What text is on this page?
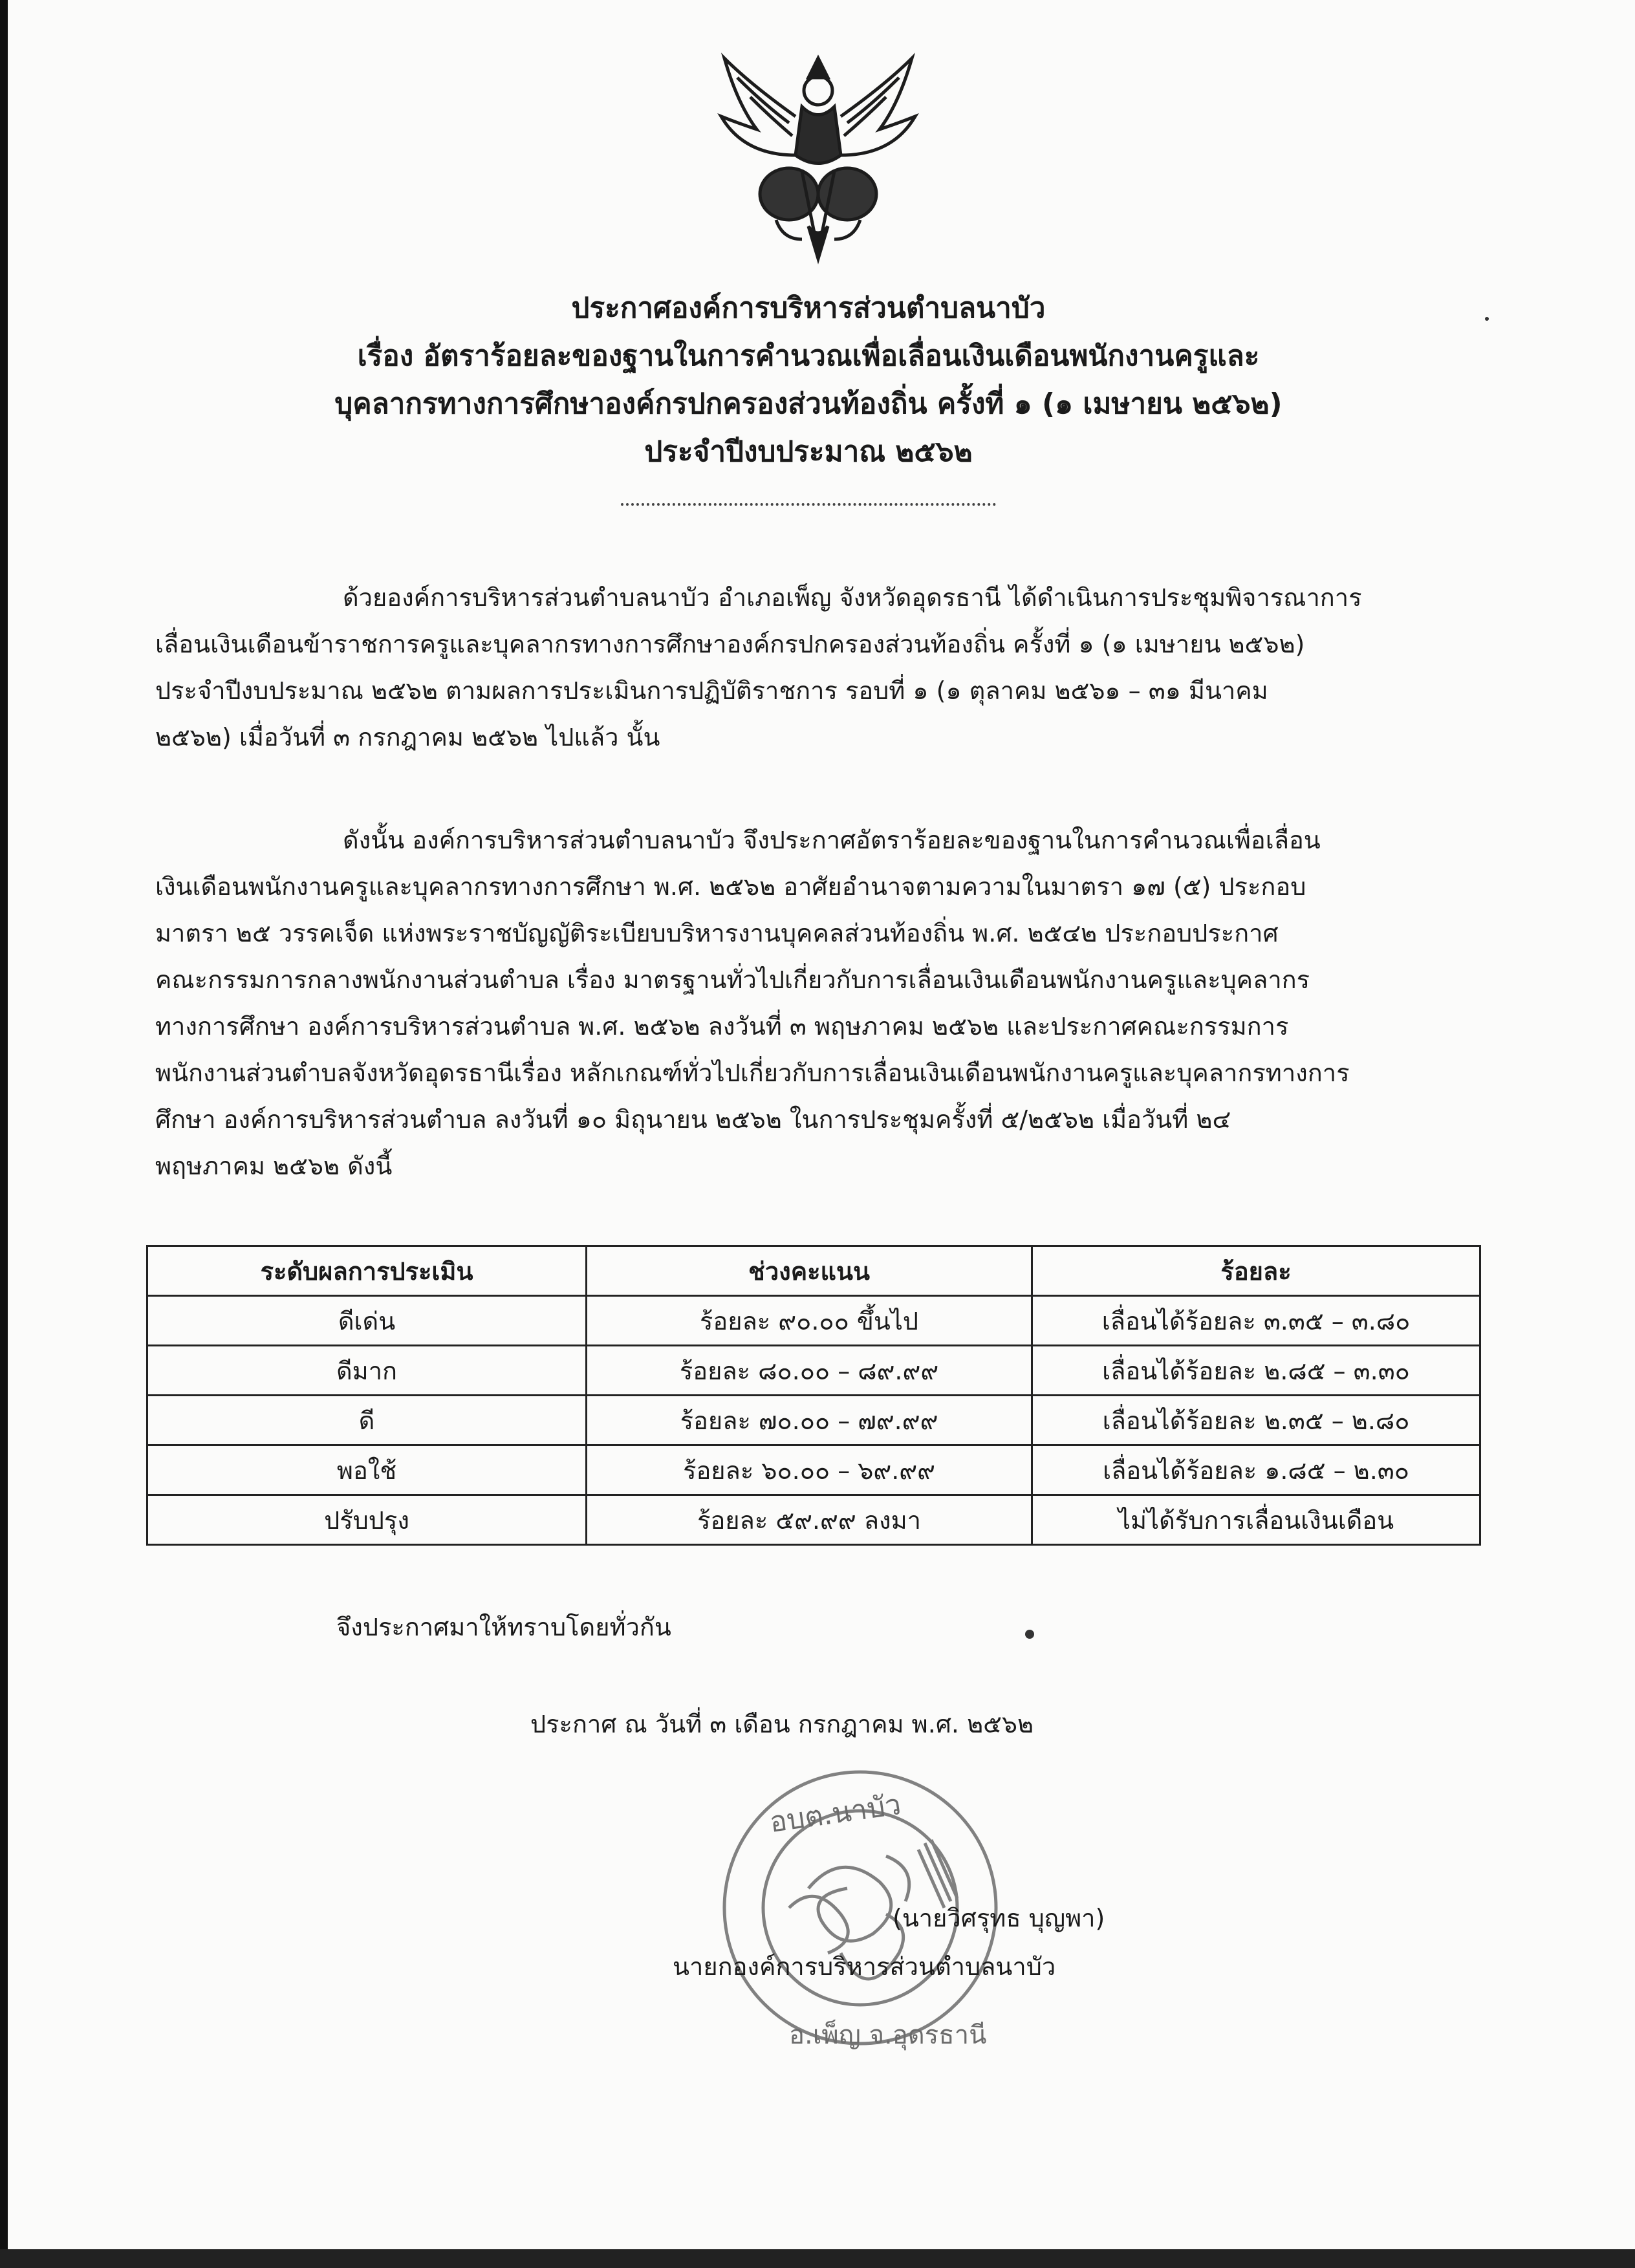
ประกาศองค์การบริหารส่วนตำบลนาบัว
เรื่อง อัตราร้อยละของฐานในการคำนวณเพื่อเลื่อนเงินเดือนพนักงานครูและ
บุคลากรทางการศึกษาองค์กรปกครองส่วนท้องถิ่น ครั้งที่ ๑ (๑ เมษายน ๒๕๖๒)
ประจำปีงบประมาณ ๒๕๖๒
ด้วยองค์การบริหารส่วนตำบลนาบัว อำเภอเพ็ญ จังหวัดอุดรธานี ได้ดำเนินการประชุมพิจารณาการ
เลื่อนเงินเดือนข้าราชการครูและบุคลากรทางการศึกษาองค์กรปกครองส่วนท้องถิ่น ครั้งที่ ๑ (๑ เมษายน ๒๕๖๒)
ประจำปีงบประมาณ ๒๕๖๒ ตามผลการประเมินการปฏิบัติราชการ รอบที่ ๑ (๑ ตุลาคม ๒๕๖๑ – ๓๑ มีนาคม
๒๕๖๒) เมื่อวันที่ ๓ กรกฎาคม ๒๕๖๒ ไปแล้ว นั้น
ดังนั้น องค์การบริหารส่วนตำบลนาบัว จึงประกาศอัตราร้อยละของฐานในการคำนวณเพื่อเลื่อน
เงินเดือนพนักงานครูและบุคลากรทางการศึกษา พ.ศ. ๒๕๖๒ อาศัยอำนาจตามความในมาตรา ๑๗ (๕) ประกอบ
มาตรา ๒๕ วรรคเจ็ด แห่งพระราชบัญญัติระเบียบบริหารงานบุคคลส่วนท้องถิ่น พ.ศ. ๒๕๔๒ ประกอบประกาศ
คณะกรรมการกลางพนักงานส่วนตำบล เรื่อง มาตรฐานทั่วไปเกี่ยวกับการเลื่อนเงินเดือนพนักงานครูและบุคลากร
ทางการศึกษา องค์การบริหารส่วนตำบล พ.ศ. ๒๕๖๒ ลงวันที่ ๓ พฤษภาคม ๒๕๖๒ และประกาศคณะกรรมการ
พนักงานส่วนตำบลจังหวัดอุดรธานีเรื่อง หลักเกณฑ์ทั่วไปเกี่ยวกับการเลื่อนเงินเดือนพนักงานครูและบุคลากรทางการ
ศึกษา องค์การบริหารส่วนตำบล ลงวันที่ ๑๐ มิถุนายน ๒๕๖๒ ในการประชุมครั้งที่ ๕/๒๕๖๒ เมื่อวันที่ ๒๔
พฤษภาคม ๒๕๖๒ ดังนี้
ระดับผลการประเมิน	ช่วงคะแนน	ร้อยละ
ดีเด่น	ร้อยละ ๙๐.๐๐ ขึ้นไป	เลื่อนได้ร้อยละ ๓.๓๕ – ๓.๘๐
ดีมาก	ร้อยละ ๘๐.๐๐ – ๘๙.๙๙	เลื่อนได้ร้อยละ ๒.๘๕ – ๓.๓๐
ดี	ร้อยละ ๗๐.๐๐ – ๗๙.๙๙	เลื่อนได้ร้อยละ ๒.๓๕ – ๒.๘๐
พอใช้	ร้อยละ ๖๐.๐๐ – ๖๙.๙๙	เลื่อนได้ร้อยละ ๑.๘๕ – ๒.๓๐
ปรับปรุง	ร้อยละ ๕๙.๙๙ ลงมา	ไม่ได้รับการเลื่อนเงินเดือน
จึงประกาศมาให้ทราบโดยทั่วกัน
ประกาศ ณ วันที่ ๓ เดือน กรกฎาคม พ.ศ. ๒๕๖๒
อบต.นาบัว
อ.เพ็ญ จ.อุดรธานี
(นายวิศรุทธ บุญพา)
นายกองค์การบริหารส่วนตำบลนาบัว
